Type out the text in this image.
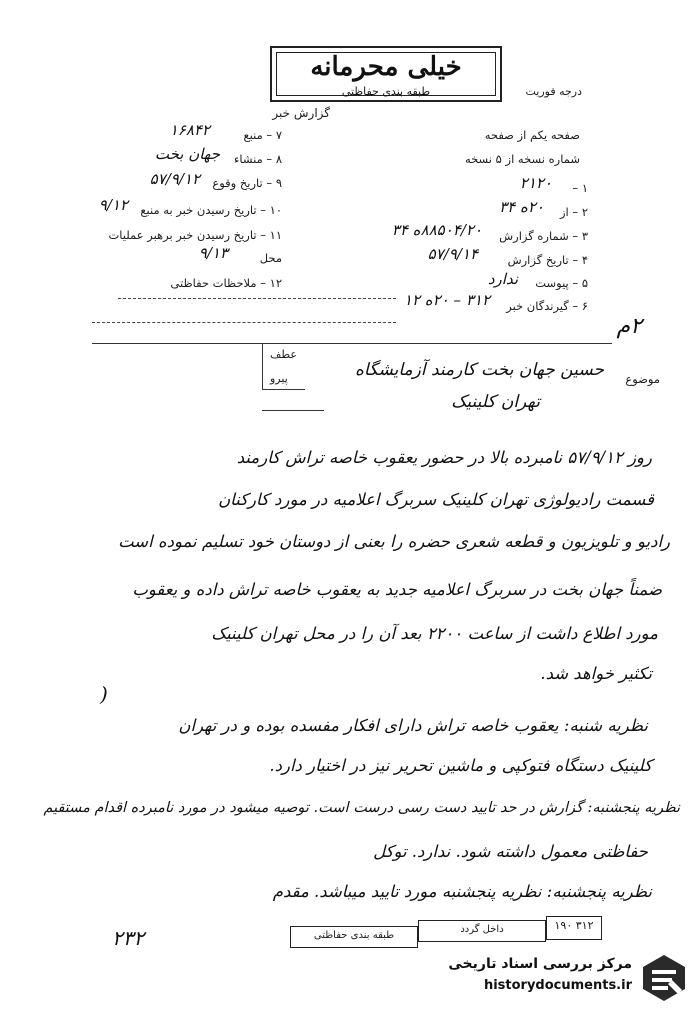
خیلی محرمانه
طبقه بندی حفاظتی	درجه فوریت
گزارش خبر
صفحه یکم از صفحه
شماره نسخه از ۵ نسخه
۱ –
۲۱۲۰
۲ – از
۲۰ه ۳۴
۳ – شماره گزارش
۸۸۵۰۴/۲۰ه ۳۴
۴ – تاریخ گزارش
۵۷/۹/۱۴
۵ – پیوست
ندارد
۶ – گیرندگان خبر
۳۱۲ – ۲۰ه ۱۲
۲م
۷ – منبع
۱۶۸۴۲
۸ – منشاء
جهان بخت
۹ – تاریخ وقوع
۵۷/۹/۱۲
۱۰ – تاریخ رسیدن خبر به منبع
۹/۱۲
۱۱ – تاریخ رسیدن خبر برهبر عملیات
محل
۹/۱۳
۱۲ – ملاحظات حفاظتی
موضوع
حسین جهان بخت کارمند آزمایشگاه
تهران کلینیک
عطف
پیرو
روز ۵۷/۹/۱۲ نامبرده بالا در حضور یعقوب خاصه تراش کارمند
قسمت رادیولوژی تهران کلینیک سربرگ اعلامیه در مورد کارکنان
رادیو و تلویزیون و قطعه شعری حضره را بعنی از دوستان خود تسلیم نموده است
ضمناً جهان بخت در سربرگ اعلامیه جدید به یعقوب خاصه تراش داده و یعقوب
مورد اطلاع داشت از ساعت ۲۲۰۰ بعد آن را در محل تهران کلینیک
تکثیر خواهد شد.
(
نظریه شنبه: یعقوب خاصه تراش دارای افکار مفسده بوده و در تهران
کلینیک دستگاه فتوکپی و ماشین تحریر نیز در اختیار دارد.
نظریه پنجشنبه: گزارش در حد تایید دست رسی درست است. توصیه میشود در مورد نامبرده اقدام مستقیم
حفاظتی معمول داشته شود. ندارد. توکل
نظریه پنجشنبه: نظریه پنجشنبه مورد تایید میباشد. مقدم
۲۳۲	طبقه بندی حفاظتی
داخل گردد	۳۱۲ ۱۹۰
مرکز بررسی اسناد تاریخی
historydocuments.ir
